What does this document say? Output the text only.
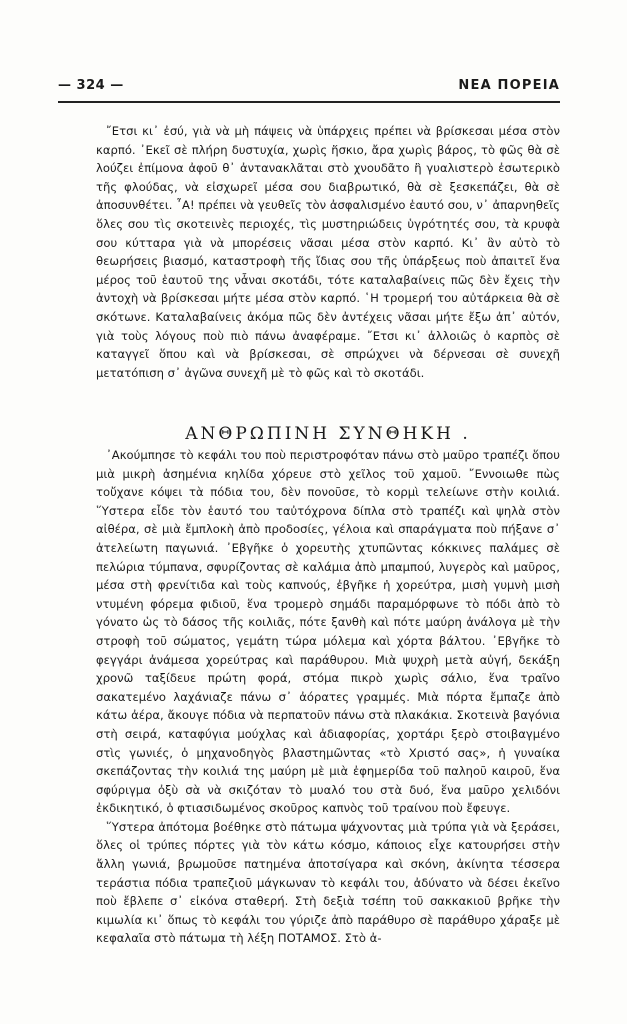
— 324 —	ΝΕΑ ΠΟΡΕΙΑ

῎Ετσι κι᾿ ἐσύ, γιὰ νὰ μὴ πάψεις νὰ ὑπάρχεις πρέπει νὰ βρίσκεσαι μέσα στὸν καρπό. ᾿Εκεῖ σὲ πλήρη δυστυχία, χωρὶς ἥσκιο, ἄρα χωρὶς βάρος, τὸ φῶς θὰ σὲ λούζει ἐπίμονα ἀφοῦ θ᾿ ἀντανακλᾶται στὸ χνουδᾶτο ἢ γυαλιστερὸ ἐσωτερικὸ τῆς φλούδας, νὰ εἰσχωρεῖ μέσα σου διαβρωτικό, θὰ σὲ ξεσκεπάζει, θὰ σὲ ἀποσυνθέτει. ῏Α! πρέπει νὰ γευθεῖς τὸν ἀσφαλισμένο ἑαυτό σου, ν᾿ ἀπαρνηθεῖς ὅλες σου τὶς σκοτεινὲς περιοχές, τὶς μυστηριώδεις ὑγρότητές σου, τὰ κρυφὰ σου κύτταρα γιὰ νὰ μπορέσεις νᾶσαι μέσα στὸν καρπό. Κι᾿ ἂν αὐτὸ τὸ θεωρήσεις βιασμό, καταστροφὴ τῆς ἴδιας σου τῆς ὑπάρξεως ποὺ ἀπαιτεῖ ἕνα μέρος τοῦ ἑαυτοῦ της νἆναι σκοτάδι, τότε καταλαβαίνεις πῶς δὲν ἔχεις τὴν ἀντοχὴ νὰ βρίσκεσαι μήτε μέσα στὸν καρπό. ῾Η τρομερή του αὐτάρκεια θὰ σὲ σκότωνε. Καταλαβαίνεις ἀκόμα πῶς δὲν ἀντέχεις νᾶσαι μήτε ἔξω ἀπ᾿ αὐτόν, γιὰ τοὺς λόγους ποὺ πιὸ πάνω ἀναφέραμε. ῎Ετσι κι᾿ ἀλλοιῶς ὁ καρπὸς σὲ καταγγεῖ ὅπου καὶ νὰ βρίσκεσαι, σὲ σπρώχνει νὰ δέρνεσαι σὲ συνεχῆ μετατόπιση σ᾿ ἀγῶνα συνεχῆ μὲ τὸ φῶς καὶ τὸ σκοτάδι.

ΑΝΘΡΩΠΙΝΗ ΣΥΝΘΗΚΗ .

᾿Ακούμπησε τὸ κεφάλι του ποὺ περιστροφόταν πάνω στὸ μαῦρο τραπέζι ὅπου μιὰ μικρὴ ἀσημένια κηλίδα χόρευε στὸ χεῖλος τοῦ χαμοῦ. ῎Εννοιωθε πὼς τοὔχανε κόψει τὰ πόδια του, δὲν πονοῦσε, τὸ κορμὶ τελείωνε στὴν κοιλιά. ῞Υστερα εἶδε τὸν ἑαυτό του ταὐτόχρονα δίπλα στὸ τραπέζι καὶ ψηλὰ στὸν αἰθέρα, σὲ μιὰ ἔμπλοκὴ ἀπὸ προδοσίες, γέλοια καὶ σπαράγματα ποὺ πήξανε σ᾿ ἀτελείωτη παγωνιά. ᾿Εβγῆκε ὁ χορευτὴς χτυπῶντας κόκκινες παλάμες σὲ πελώρια τύμπανα, σφυρίζοντας σὲ καλάμια ἀπὸ μπαμπού, λυγερὸς καὶ μαῦρος, μέσα στὴ φρενίτιδα καὶ τοὺς καπνούς, ἐβγῆκε ἡ χορεύτρα, μισὴ γυμνὴ μισὴ ντυμένη φόρεμα φιδιοῦ, ἕνα τρομερὸ σημάδι παραμόρφωνε τὸ πόδι ἀπὸ τὸ γόνατο ὡς τὸ δάσος τῆς κοιλιᾶς, πότε ξανθὴ καὶ πότε μαύρη ἀνάλογα μὲ τὴν στροφὴ τοῦ σώματος, γεμάτη τώρα μόλεμα καὶ χόρτα βάλτου. ᾿Εβγῆκε τὸ φεγγάρι ἀνάμεσα χορεύτρας καὶ παράθυρου. Μιὰ ψυχρὴ μετὰ αὐγή, δεκάξη χρονῶ ταξίδευε πρώτη φορά, στόμα πικρὸ χωρὶς σάλιο, ἕνα τραῖνο σακατεμένο λαχάνιαζε πάνω σ᾿ ἀόρατες γραμμές. Μιὰ πόρτα ἔμπαζε ἀπὸ κάτω ἀέρα, ἄκουγε πόδια νὰ περπατοῦν πάνω στὰ πλακάκια. Σκοτεινὰ βαγόνια στὴ σειρά, καταφύγια μούχλας καὶ ἀδιαφορίας, χορτάρι ξερὸ στοιβαγμένο στὶς γωνιές, ὁ μηχανοδηγὸς βλαστημῶντας «τὸ Χριστό σας», ἡ γυναίκα σκεπάζοντας τὴν κοιλιά της μαύρη μὲ μιὰ ἐφημερίδα τοῦ παληοῦ καιροῦ, ἕνα σφύριγμα ὀξὺ σὰ νὰ σκιζόταν τὸ μυαλό του στὰ δυό, ἕνα μαῦρο χελιδόνι ἐκδικητικό, ὁ φτιασιδωμένος σκοῦρος καπνὸς τοῦ τραίνου ποὺ ἔφευγε.

῞Υστερα ἀπότομα βοέθηκε στὸ πάτωμα ψάχνοντας μιὰ τρύπα γιὰ νὰ ξεράσει, ὅλες οἱ τρύπες πόρτες γιὰ τὸν κάτω κόσμο, κάποιος εἶχε κατουρήσει στὴν ἄλλη γωνιά, βρωμοῦσε πατημένα ἀποτσίγαρα καὶ σκόνη, ἀκίνητα τέσσερα τεράστια πόδια τραπεζιοῦ μάγκωναν τὸ κεφάλι του, ἀδύνατο νὰ δέσει ἐκεῖνο ποὺ ἔβλεπε σ᾿ εἰκόνα σταθερή. Στὴ δεξιὰ τσέπη τοῦ σακκακιοῦ βρῆκε τὴν κιμωλία κι᾿ ὅπως τὸ κεφάλι του γύριζε ἀπὸ παράθυρο σὲ παράθυρο χάραξε μὲ κεφαλαῖα στὸ πάτωμα τὴ λέξη ΠΟΤΑΜΟΣ. Στὸ ἀ-
